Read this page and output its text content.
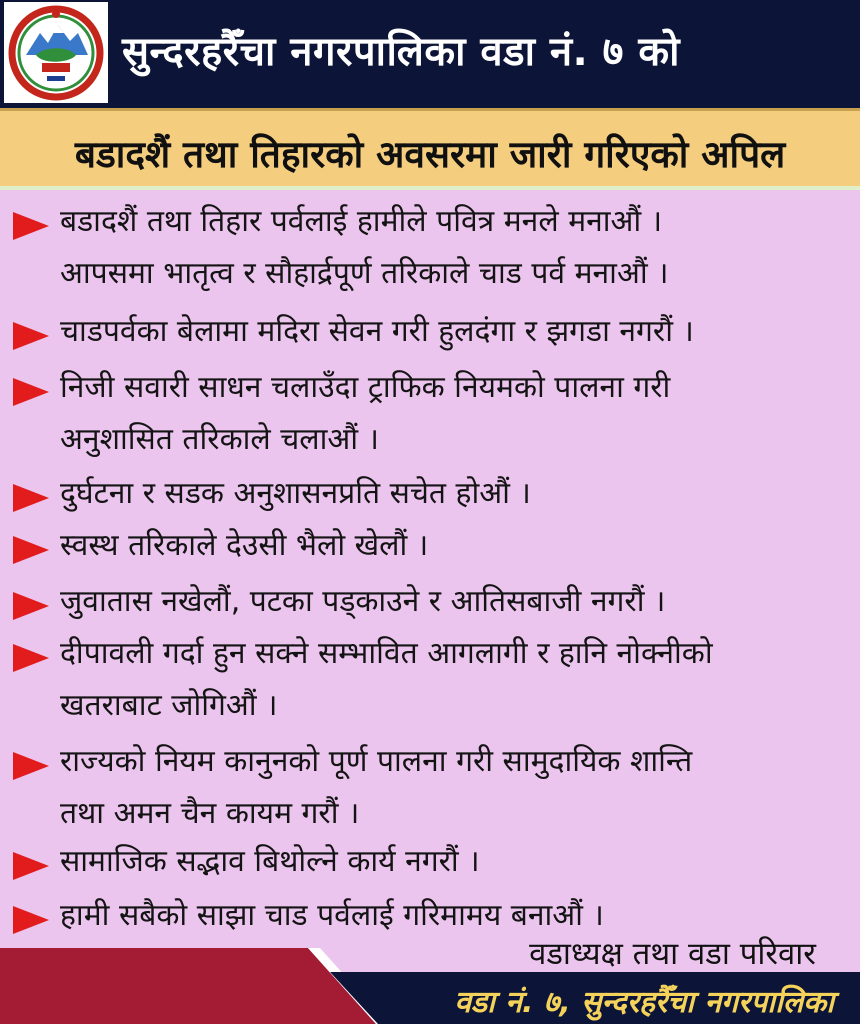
सुन्दरहरैँचा नगरपालिका वडा नं. ७ को
बडादशैं तथा तिहारको अवसरमा जारी गरिएको अपिल
बडादशैं तथा तिहार पर्वलाई हामीले पवित्र मनले मनाऔं ।
आपसमा भातृत्व र सौहार्द्रपूर्ण तरिकाले चाड पर्व मनाऔं ।
चाडपर्वका बेलामा मदिरा सेवन गरी हुलदंगा र झगडा नगरौं ।
निजी सवारी साधन चलाउँदा ट्राफिक नियमको पालना गरी
अनुशासित तरिकाले चलाऔं ।
दुर्घटना र सडक अनुशासनप्रति सचेत होऔं ।
स्वस्थ तरिकाले देउसी भैलो खेलौं ।
जुवातास नखेलौं, पटका पड्काउने र आतिसबाजी नगरौं ।
दीपावली गर्दा हुन सक्ने सम्भावित आगलागी र हानि नोक्नीको
खतराबाट जोगिऔं ।
राज्यको नियम कानुनको पूर्ण पालना गरी सामुदायिक शान्ति
तथा अमन चैन कायम गरौं ।
सामाजिक सद्भाव बिथोल्ने कार्य नगरौं ।
हामी सबैको साझा चाड पर्वलाई गरिमामय बनाऔं ।
वडाध्यक्ष तथा वडा परिवार
वडा नं. ७, सुन्दरहरैँचा नगरपालिका
